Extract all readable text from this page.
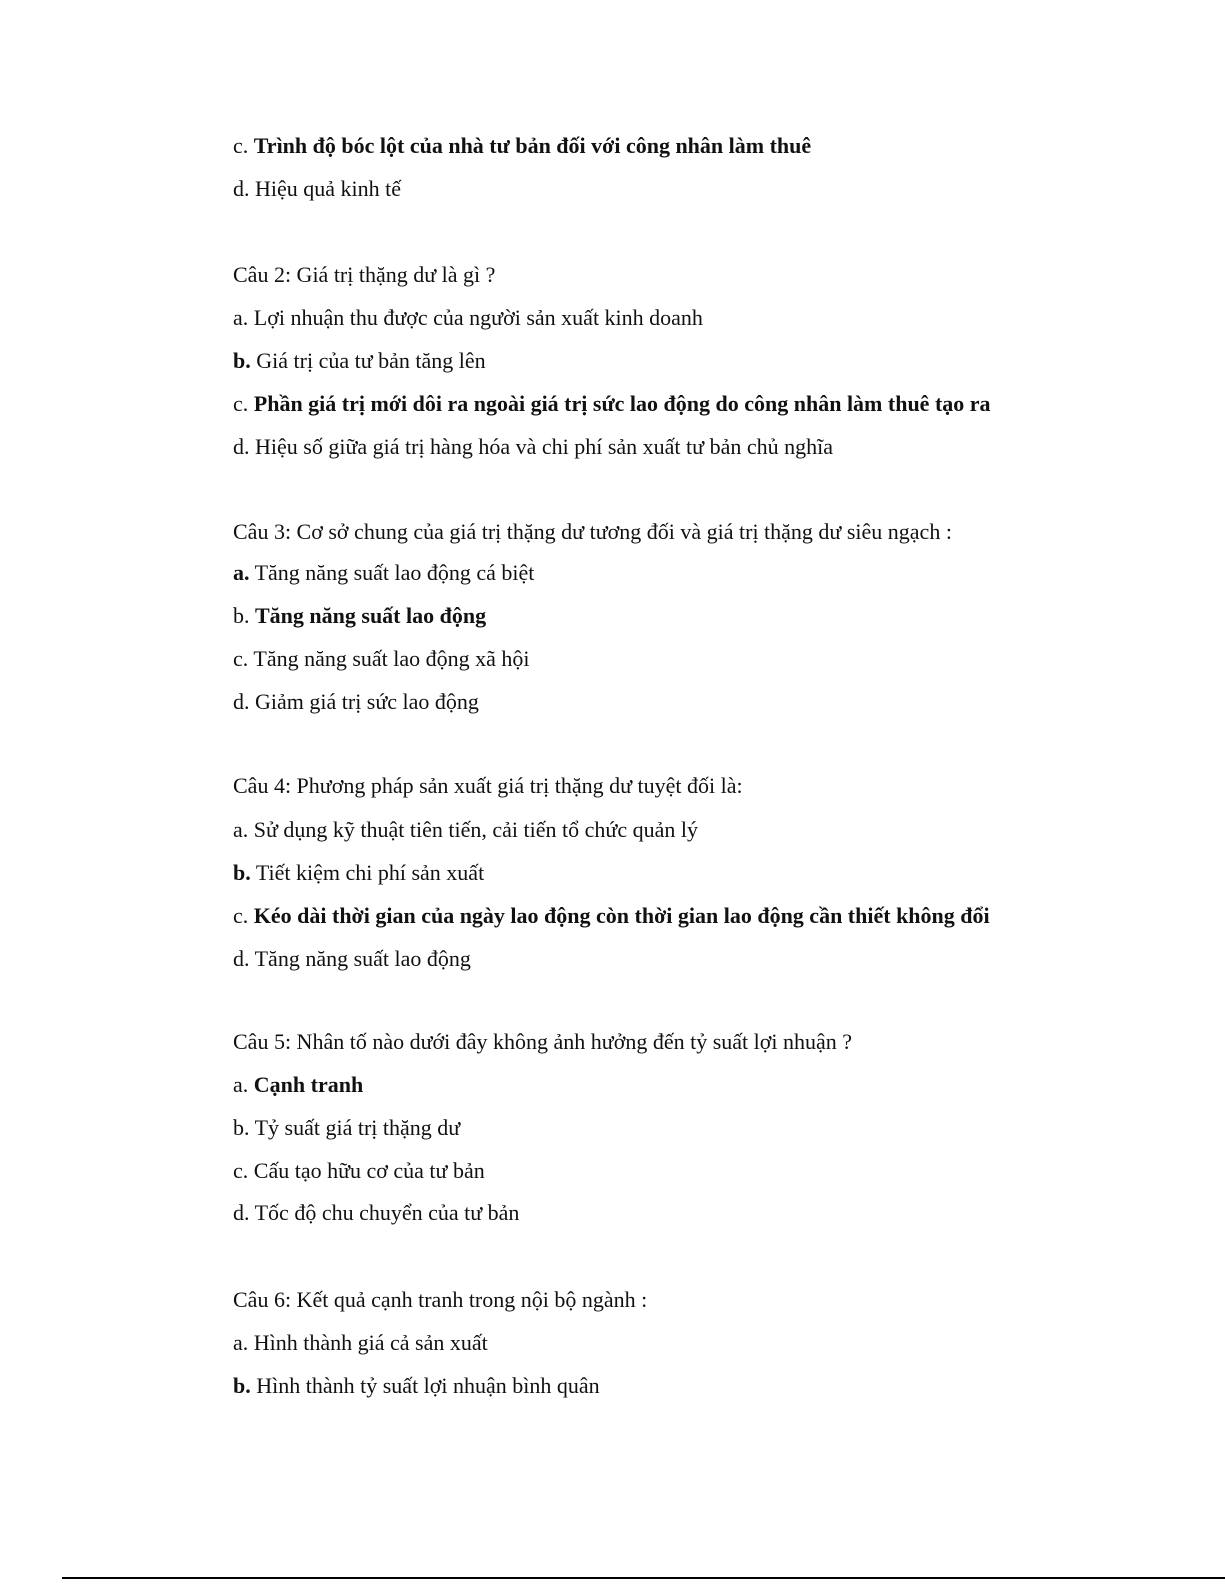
c. Trình độ bóc lột của nhà tư bản đối với công nhân làm thuê
d. Hiệu quả kinh tế
Câu 2: Giá trị thặng dư là gì ?
a. Lợi nhuận thu được của người sản xuất kinh doanh
b. Giá trị của tư bản tăng lên
c. Phần giá trị mới dôi ra ngoài giá trị sức lao động do công nhân làm thuê tạo ra
d. Hiệu số giữa giá trị hàng hóa và chi phí sản xuất tư bản chủ nghĩa
Câu 3: Cơ sở chung của giá trị thặng dư tương đối và giá trị thặng dư siêu ngạch :
a. Tăng năng suất lao động cá biệt
b. Tăng năng suất lao động
c. Tăng năng suất lao động xã hội
d. Giảm giá trị sức lao động
Câu 4: Phương pháp sản xuất giá trị thặng dư tuyệt đối là:
a. Sử dụng kỹ thuật tiên tiến, cải tiến tổ chức quản lý
b. Tiết kiệm chi phí sản xuất
c. Kéo dài thời gian của ngày lao động còn thời gian lao động cần thiết không đổi
d. Tăng năng suất lao động
Câu 5: Nhân tố nào dưới đây không ảnh hưởng đến tỷ suất lợi nhuận ?
a. Cạnh tranh
b. Tỷ suất giá trị thặng dư
c. Cấu tạo hữu cơ của tư bản
d. Tốc độ chu chuyển của tư bản
Câu 6: Kết quả cạnh tranh trong nội bộ ngành :
a. Hình thành giá cả sản xuất
b. Hình thành tỷ suất lợi nhuận bình quân
